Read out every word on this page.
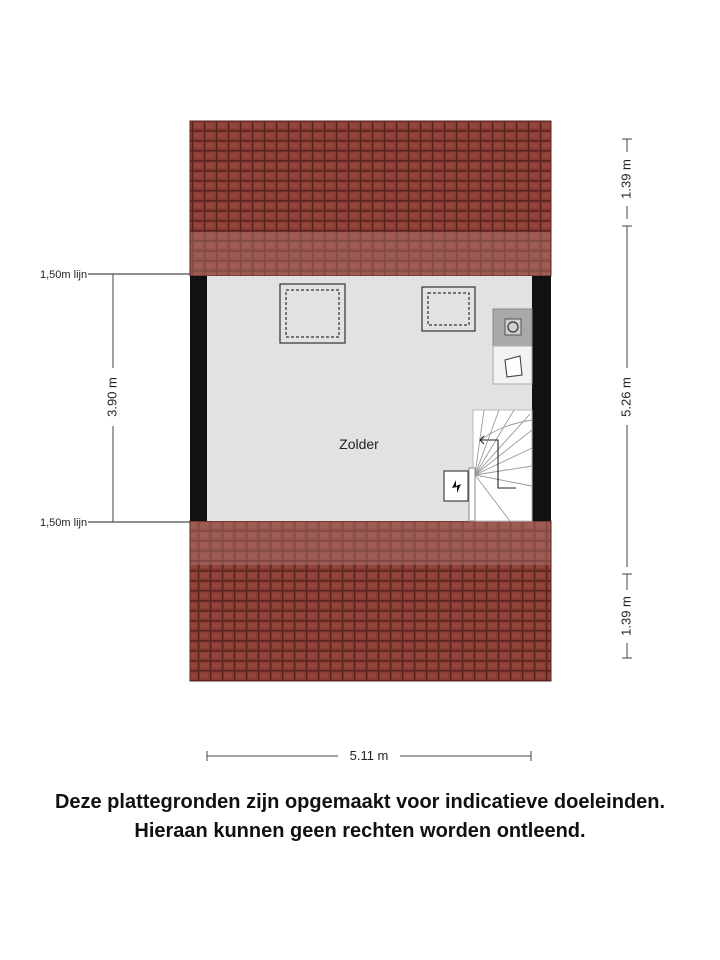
Zolder
1,50m lijn
1,50m lijn
3.90 m
1.39 m
5.26 m
1.39 m
5.11 m
Deze plattegronden zijn opgemaakt voor indicatieve doeleinden.
Hieraan kunnen geen rechten worden ontleend.
